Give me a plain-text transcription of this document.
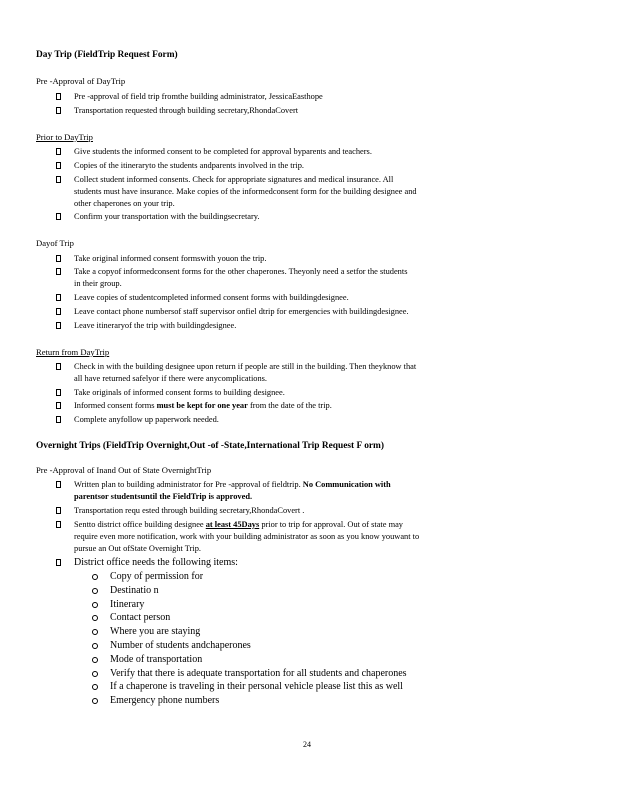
Day Trip (FieldTrip Request Form)
Pre -Approval of DayTrip
Pre -approval of field trip fromthe building administrator, JessicaEasthope
Transportation requested through building secretary,RhondaCovert
Prior to DayTrip
Give students the informed consent to be completed for approval byparents and teachers.
Copies of the itineraryto the students andparents involved in the trip.
Collect student informed consents. Check for appropriate signatures and medical insurance. All
students must have insurance. Make copies of the informedconsent form for the building designee and
other chaperones on your trip.
Confirm your transportation with the buildingsecretary.
Dayof Trip
Take original informed consent formswith youon the trip.
Take a copyof informedconsent forms for the other chaperones. Theyonly need a setfor the students
in their group.
Leave copies of studentcompleted informed consent forms with buildingdesignee.
Leave contact phone numbersof staff supervisor onfiel dtrip for emergencies with buildingdesignee.
Leave itineraryof the trip with buildingdesignee.
Return from DayTrip
Check in with the building designee upon return if people are still in the building. Then theyknow that
all have returned safelyor if there were anycomplications.
Take originals of informed consent forms to building designee.
Informed consent forms must be kept for one year from the date of the trip.
Complete anyfollow up paperwork needed.
Overnight Trips (FieldTrip Overnight,Out -of -State,International Trip Request F orm)
Pre -Approval of Inand Out of State OvernightTrip
Written plan to building administrator for Pre -approval of fieldtrip. No Communication with
parentsor studentsuntil the FieldTrip is approved.
Transportation requ ested through building secretary,RhondaCovert .
Sentto district office building designee at least 45Days prior to trip for approval. Out of state may
require even more notification, work with your building administrator as soon as you know youwant to
pursue an Out ofState Overnight Trip.
District office needs the following items:
Copy of permission for
Destinatio n
Itinerary
Contact person
Where you are staying
Number of students andchaperones
Mode of transportation
Verify that there is adequate transportation for all students and chaperones
If a chaperone is traveling in their personal vehicle please list this as well
Emergency phone numbers
24
